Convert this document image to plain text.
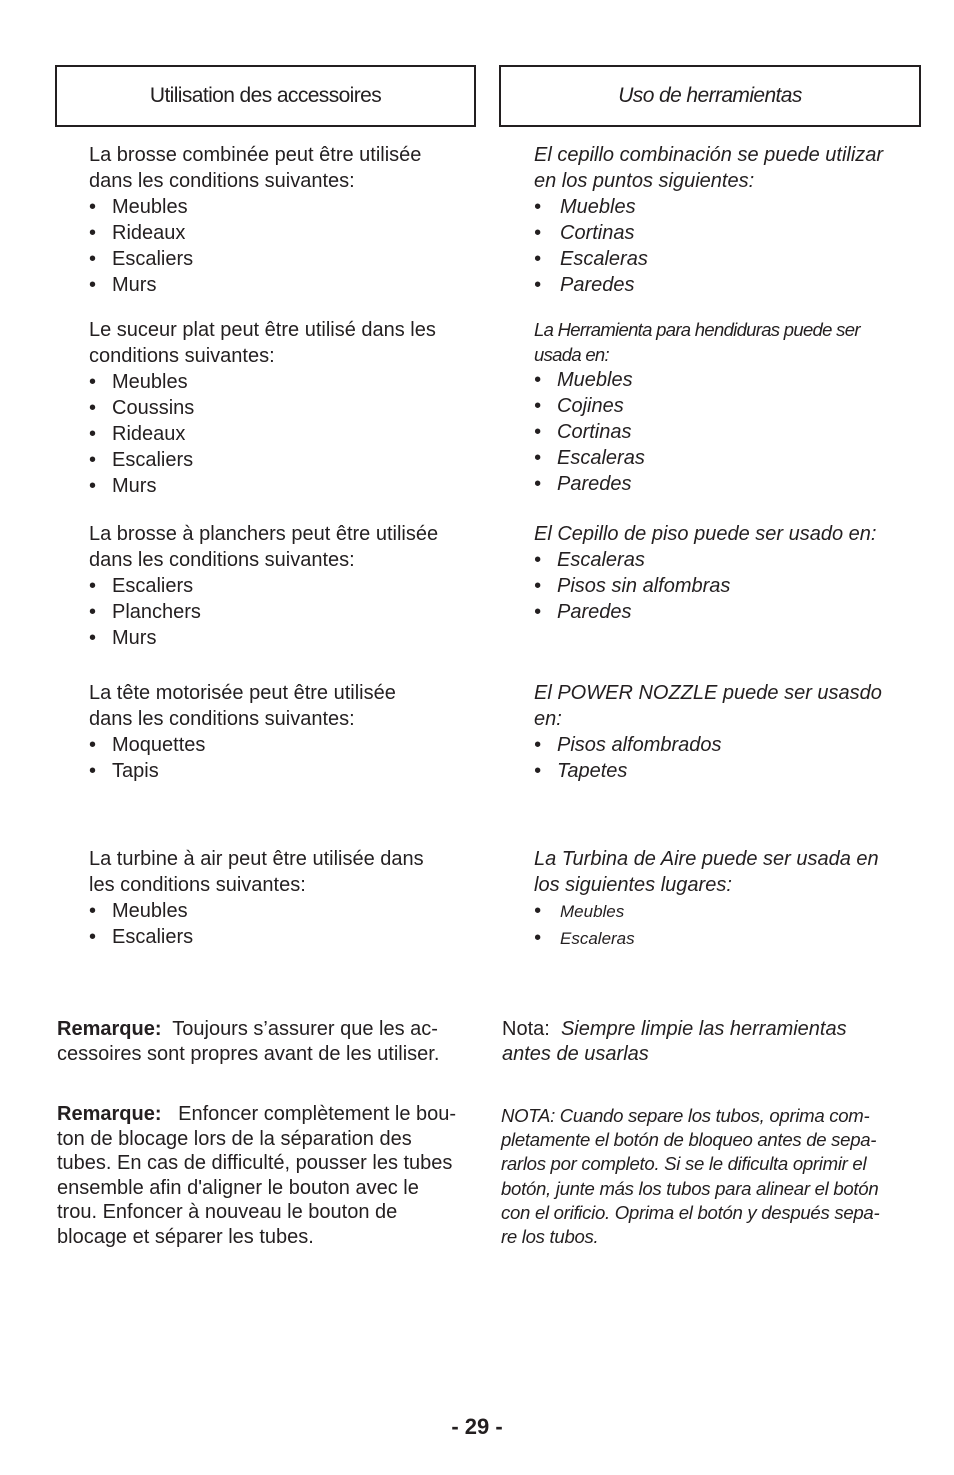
Utilisation des accessoires	Uso de herramientas

La brosse combinée peut être utilisée
dans les conditions suivantes:

• Meubles
• Rideaux
• Escaliers
• Murs

Le suceur plat peut être utilisé dans les
conditions suivantes:

• Meubles
• Coussins
• Rideaux
• Escaliers
• Murs

La brosse à planchers peut être utilisée
dans les conditions suivantes:

• Escaliers
• Planchers
• Murs

La tête motorisée peut être utilisée
dans les conditions suivantes:

• Moquettes
• Tapis

La turbine à air peut être utilisée dans
les conditions suivantes:

• Meubles
• Escaliers

El cepillo combinación se puede utilizar
en los puntos siguientes:

• Muebles
• Cortinas
• Escaleras
• Paredes

La Herramienta para hendiduras puede ser
usada en:

• Muebles
• Cojines
• Cortinas
• Escaleras
• Paredes

El Cepillo de piso puede ser usado en:

• Escaleras
• Pisos sin alfombras
• Paredes

El POWER NOZZLE puede ser usasdo
en:

• Pisos alfombrados
• Tapetes

La Turbina de Aire puede ser usada en
los siguientes lugares:

• Meubles
• Escaleras
Remarque: Toujours s’assurer que les ac-
cessoires sont propres avant de les utiliser.
Remarque: Enfoncer complètement le bou-
ton de blocage lors de la séparation des
tubes. En cas de difficulté, pousser les tubes
ensemble afin d'aligner le bouton avec le
trou. Enfoncer à nouveau le bouton de
blocage et séparer les tubes.
Nota: Siempre limpie las herramientas
antes de usarlas
NOTA: Cuando separe los tubos, oprima com-
pletamente el botón de bloqueo antes de sepa-
rarlos por completo. Si se le dificulta oprimir el
botón, junte más los tubos para alinear el botón
con el orificio. Oprima el botón y después sepa-
re los tubos.
- 29 -
